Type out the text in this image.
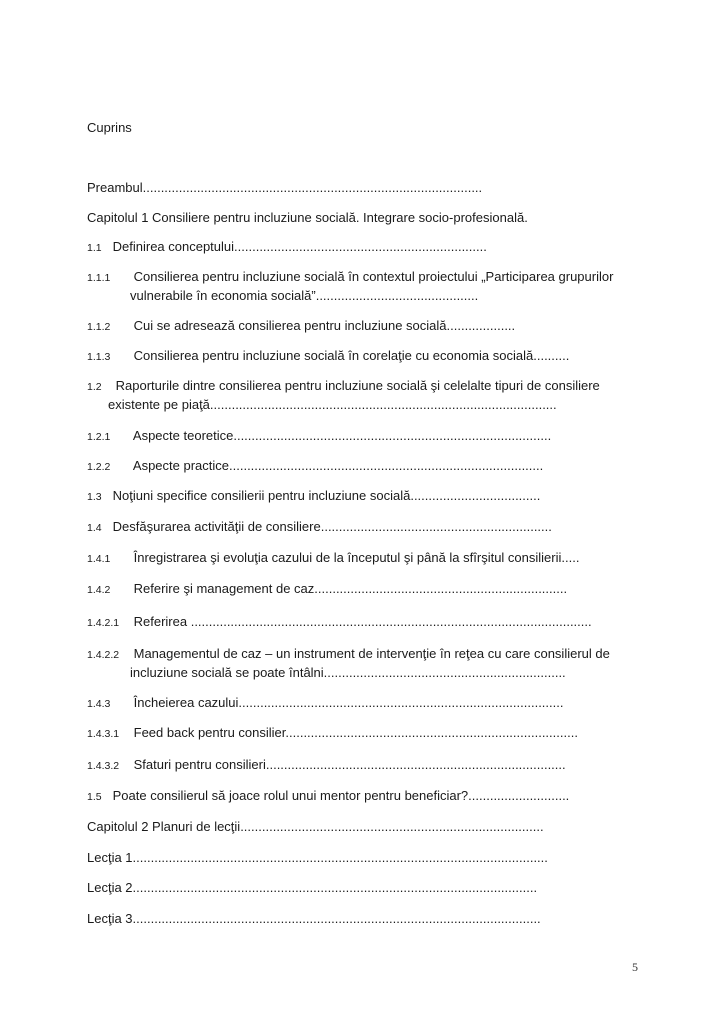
Cuprins
Preambul..............................................................................................
Capitolul 1 Consiliere pentru incluziune socială. Integrare socio-profesională.
1.1 Definirea conceptului......................................................................
1.1.1 Consilierea pentru incluziune socială în contextul proiectului „Participarea grupurilor
vulnerabile în economia socială”.............................................
1.1.2 Cui se adresează consilierea pentru incluziune socială...................
1.1.3 Consilierea pentru incluziune socială în corelaţie cu economia socială..........
1.2 Raporturile dintre consilierea pentru incluziune socială şi celelalte tipuri de consiliere
existente pe piaţă................................................................................................
1.2.1 Aspecte teoretice........................................................................................
1.2.2 Aspecte practice.......................................................................................
1.3 Noţiuni specifice consilierii pentru incluziune socială....................................
1.4 Desfăşurarea activităţii de consiliere................................................................
1.4.1 Înregistrarea şi evoluţia cazului de la începutul şi până la sfîrşitul consilierii.....
1.4.2 Referire şi management de caz......................................................................
1.4.2.1 Referirea ...............................................................................................................
1.4.2.2 Managementul de caz – un instrument de intervenţie în reţea cu care consilierul de
incluziune socială se poate întâlni...................................................................
1.4.3 Încheierea cazului..........................................................................................
1.4.3.1 Feed back pentru consilier.................................................................................
1.4.3.2 Sfaturi pentru consilieri...................................................................................
1.5 Poate consilierul să joace rolul unui mentor pentru beneficiar?............................
Capitolul 2 Planuri de lecţii....................................................................................
Lecţia 1...................................................................................................................
Lecţia 2................................................................................................................
Lecţia 3.................................................................................................................
5
